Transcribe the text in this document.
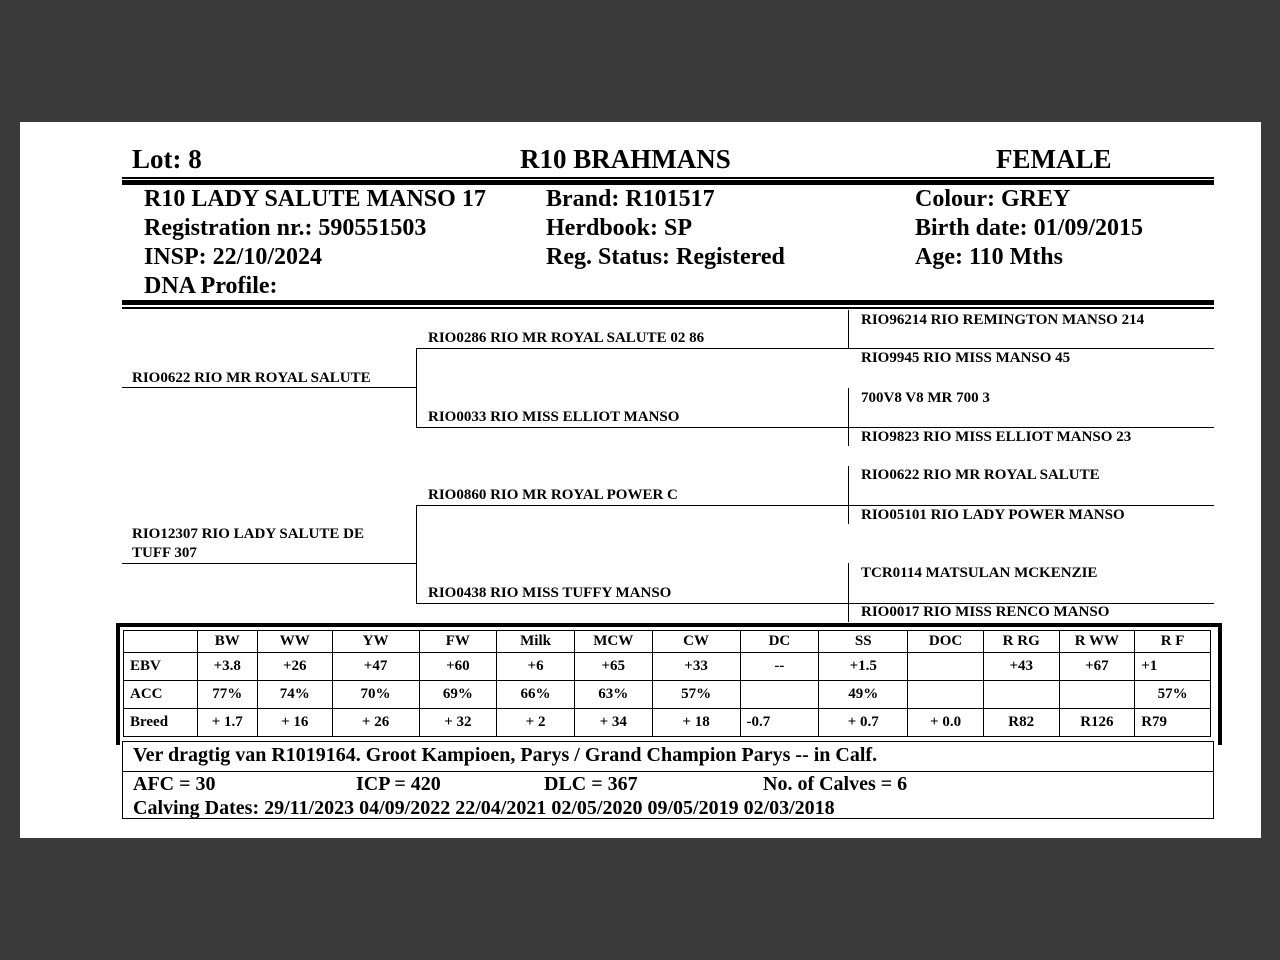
Lot: 8	R10 BRAHMANS	FEMALE
R10 LADY SALUTE MANSO 17
Registration nr.: 590551503
INSP: 22/10/2024
DNA Profile:
Brand: R101517
Herdbook: SP
Reg. Status: Registered
Colour: GREY
Birth date: 01/09/2015
Age: 110 Mths
RIO0622 RIO MR ROYAL SALUTE
RIO12307 RIO LADY SALUTE DE
TUFF 307
RIO0286 RIO MR ROYAL SALUTE 02 86
RIO0033 RIO MISS ELLIOT MANSO
RIO0860 RIO MR ROYAL POWER C
RIO0438 RIO MISS TUFFY MANSO
RIO96214 RIO REMINGTON MANSO 214
RIO9945 RIO MISS MANSO 45
700V8 V8 MR 700 3
RIO9823 RIO MISS ELLIOT MANSO 23
RIO0622 RIO MR ROYAL SALUTE
RIO05101 RIO LADY POWER MANSO
TCR0114 MATSULAN MCKENZIE
RIO0017 RIO MISS RENCO MANSO
	BW	WW	YW	FW	Milk	MCW	CW	DC	SS	DOC	R RG	R WW	R F
EBV	+3.8	+26	+47	+60	+6	+65	+33	--	+1.5		+43	+67	+1
ACC	77%	74%	70%	69%	66%	63%	57%		49%				57%
Breed	+ 1.7	+ 16	+ 26	+ 32	+ 2	+ 34	+ 18	-0.7	+ 0.7	+ 0.0	R82	R126	R79
Ver dragtig van R1019164. Groot Kampioen, Parys / Grand Champion Parys -- in Calf.
AFC = 30	ICP = 420	DLC = 367	No. of Calves = 6
Calving Dates: 29/11/2023 04/09/2022 22/04/2021 02/05/2020 09/05/2019 02/03/2018
